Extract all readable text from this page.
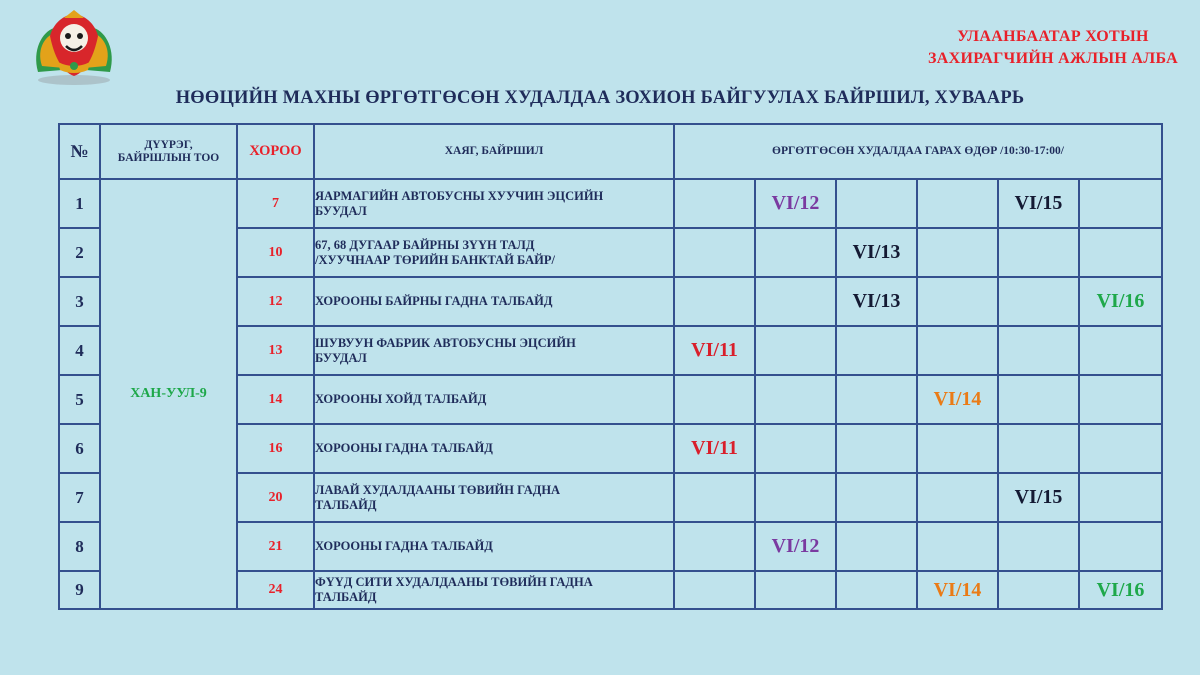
УЛААНБААТАР ХОТЫН
ЗАХИРАГЧИЙН АЖЛЫН АЛБА
НӨӨЦИЙН МАХНЫ ӨРГӨТГӨСӨН ХУДАЛДАА ЗОХИОН БАЙГУУЛАХ БАЙРШИЛ, ХУВААРЬ
№	ДҮҮРЭГ,
БАЙРШЛЫН ТОО	ХОРОО	ХАЯГ, БАЙРШИЛ	ӨРГӨТГӨСӨН ХУДАЛДАА ГАРАХ ӨДӨР /10:30-17:00/					
1	ХАН-УУЛ-9	7	ЯАРМАГИЙН АВТОБУСНЫ ХУУЧИН ЭЦСИЙН
БУУДАЛ		VI/12			VI/15	
2		10	67, 68 ДУГААР БАЙРНЫ ЗҮҮН ТАЛД
/ХУУЧНААР ТӨРИЙН БАНКТАЙ БАЙР/			VI/13			
3		12	ХОРООНЫ БАЙРНЫ ГАДНА ТАЛБАЙД			VI/13			VI/16
4		13	ШУВУУН ФАБРИК АВТОБУСНЫ ЭЦСИЙН
БУУДАЛ	VI/11					
5		14	ХОРООНЫ ХОЙД ТАЛБАЙД				VI/14		
6		16	ХОРООНЫ ГАДНА ТАЛБАЙД	VI/11					
7		20	ЛАВАЙ ХУДАЛДААНЫ ТӨВИЙН ГАДНА
ТАЛБАЙД					VI/15	
8		21	ХОРООНЫ ГАДНА ТАЛБАЙД		VI/12				
9		24	ФҮҮД СИТИ ХУДАЛДААНЫ ТӨВИЙН ГАДНА
ТАЛБАЙД				VI/14		VI/16
